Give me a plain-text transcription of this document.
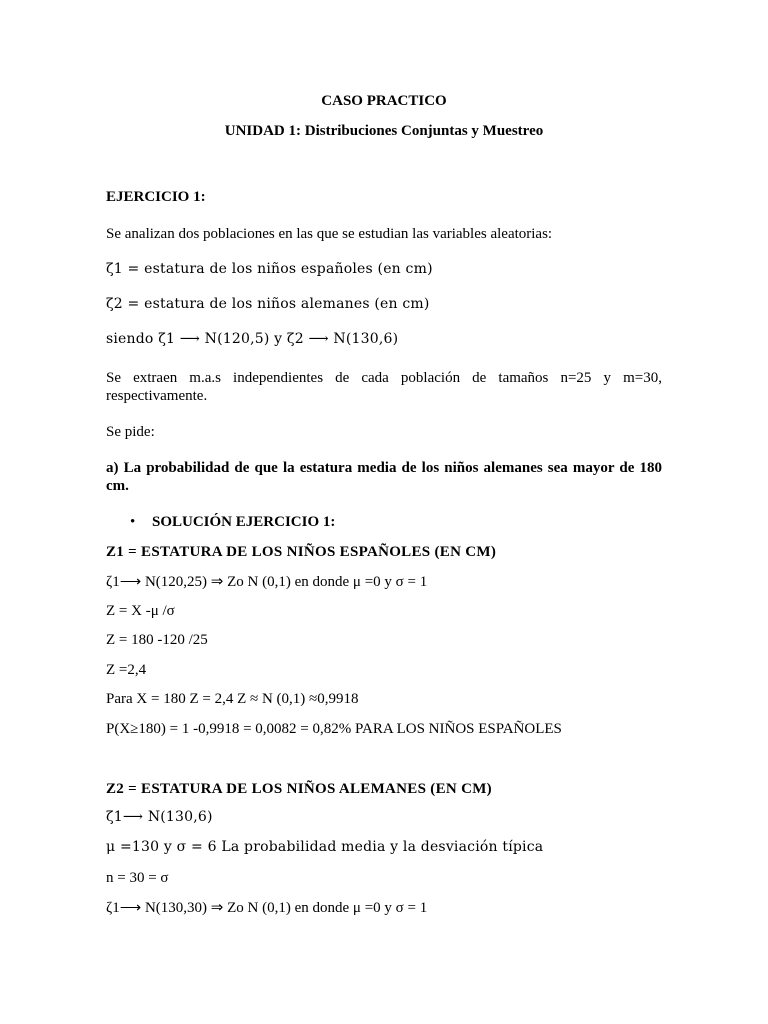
CASO PRACTICO
UNIDAD 1: Distribuciones Conjuntas y Muestreo
EJERCICIO 1:
Se analizan dos poblaciones en las que se estudian las variables aleatorias:
ζ1 = estatura de los niños españoles (en cm)
ζ2 = estatura de los niños alemanes (en cm)
siendo ζ1 ⟶ N(120,5) y ζ2 ⟶ N(130,6)
Se extraen m.a.s independientes de cada población de tamaños n=25 y m=30, respectivamente.
Se pide:
a) La probabilidad de que la estatura media de los niños alemanes sea mayor de 180 cm.
• SOLUCIÓN EJERCICIO 1:
Z1 = ESTATURA DE LOS NIÑOS ESPAÑOLES (EN CM)
ζ1⟶ N(120,25) ⇒ Zo N (0,1) en donde μ =0 y σ = 1
Z = X -μ /σ
Z = 180 -120 /25
Z =2,4
Para X = 180 Z = 2,4 Z ≈ N (0,1) ≈0,9918
P(X≥180) = 1 -0,9918 = 0,0082 = 0,82% PARA LOS NIÑOS ESPAÑOLES
Z2 = ESTATURA DE LOS NIÑOS ALEMANES (EN CM)
ζ1⟶ N(130,6)
μ =130 y σ = 6 La probabilidad media y la desviación típica
n = 30 = σ
ζ1⟶ N(130,30) ⇒ Zo N (0,1) en donde μ =0 y σ = 1
